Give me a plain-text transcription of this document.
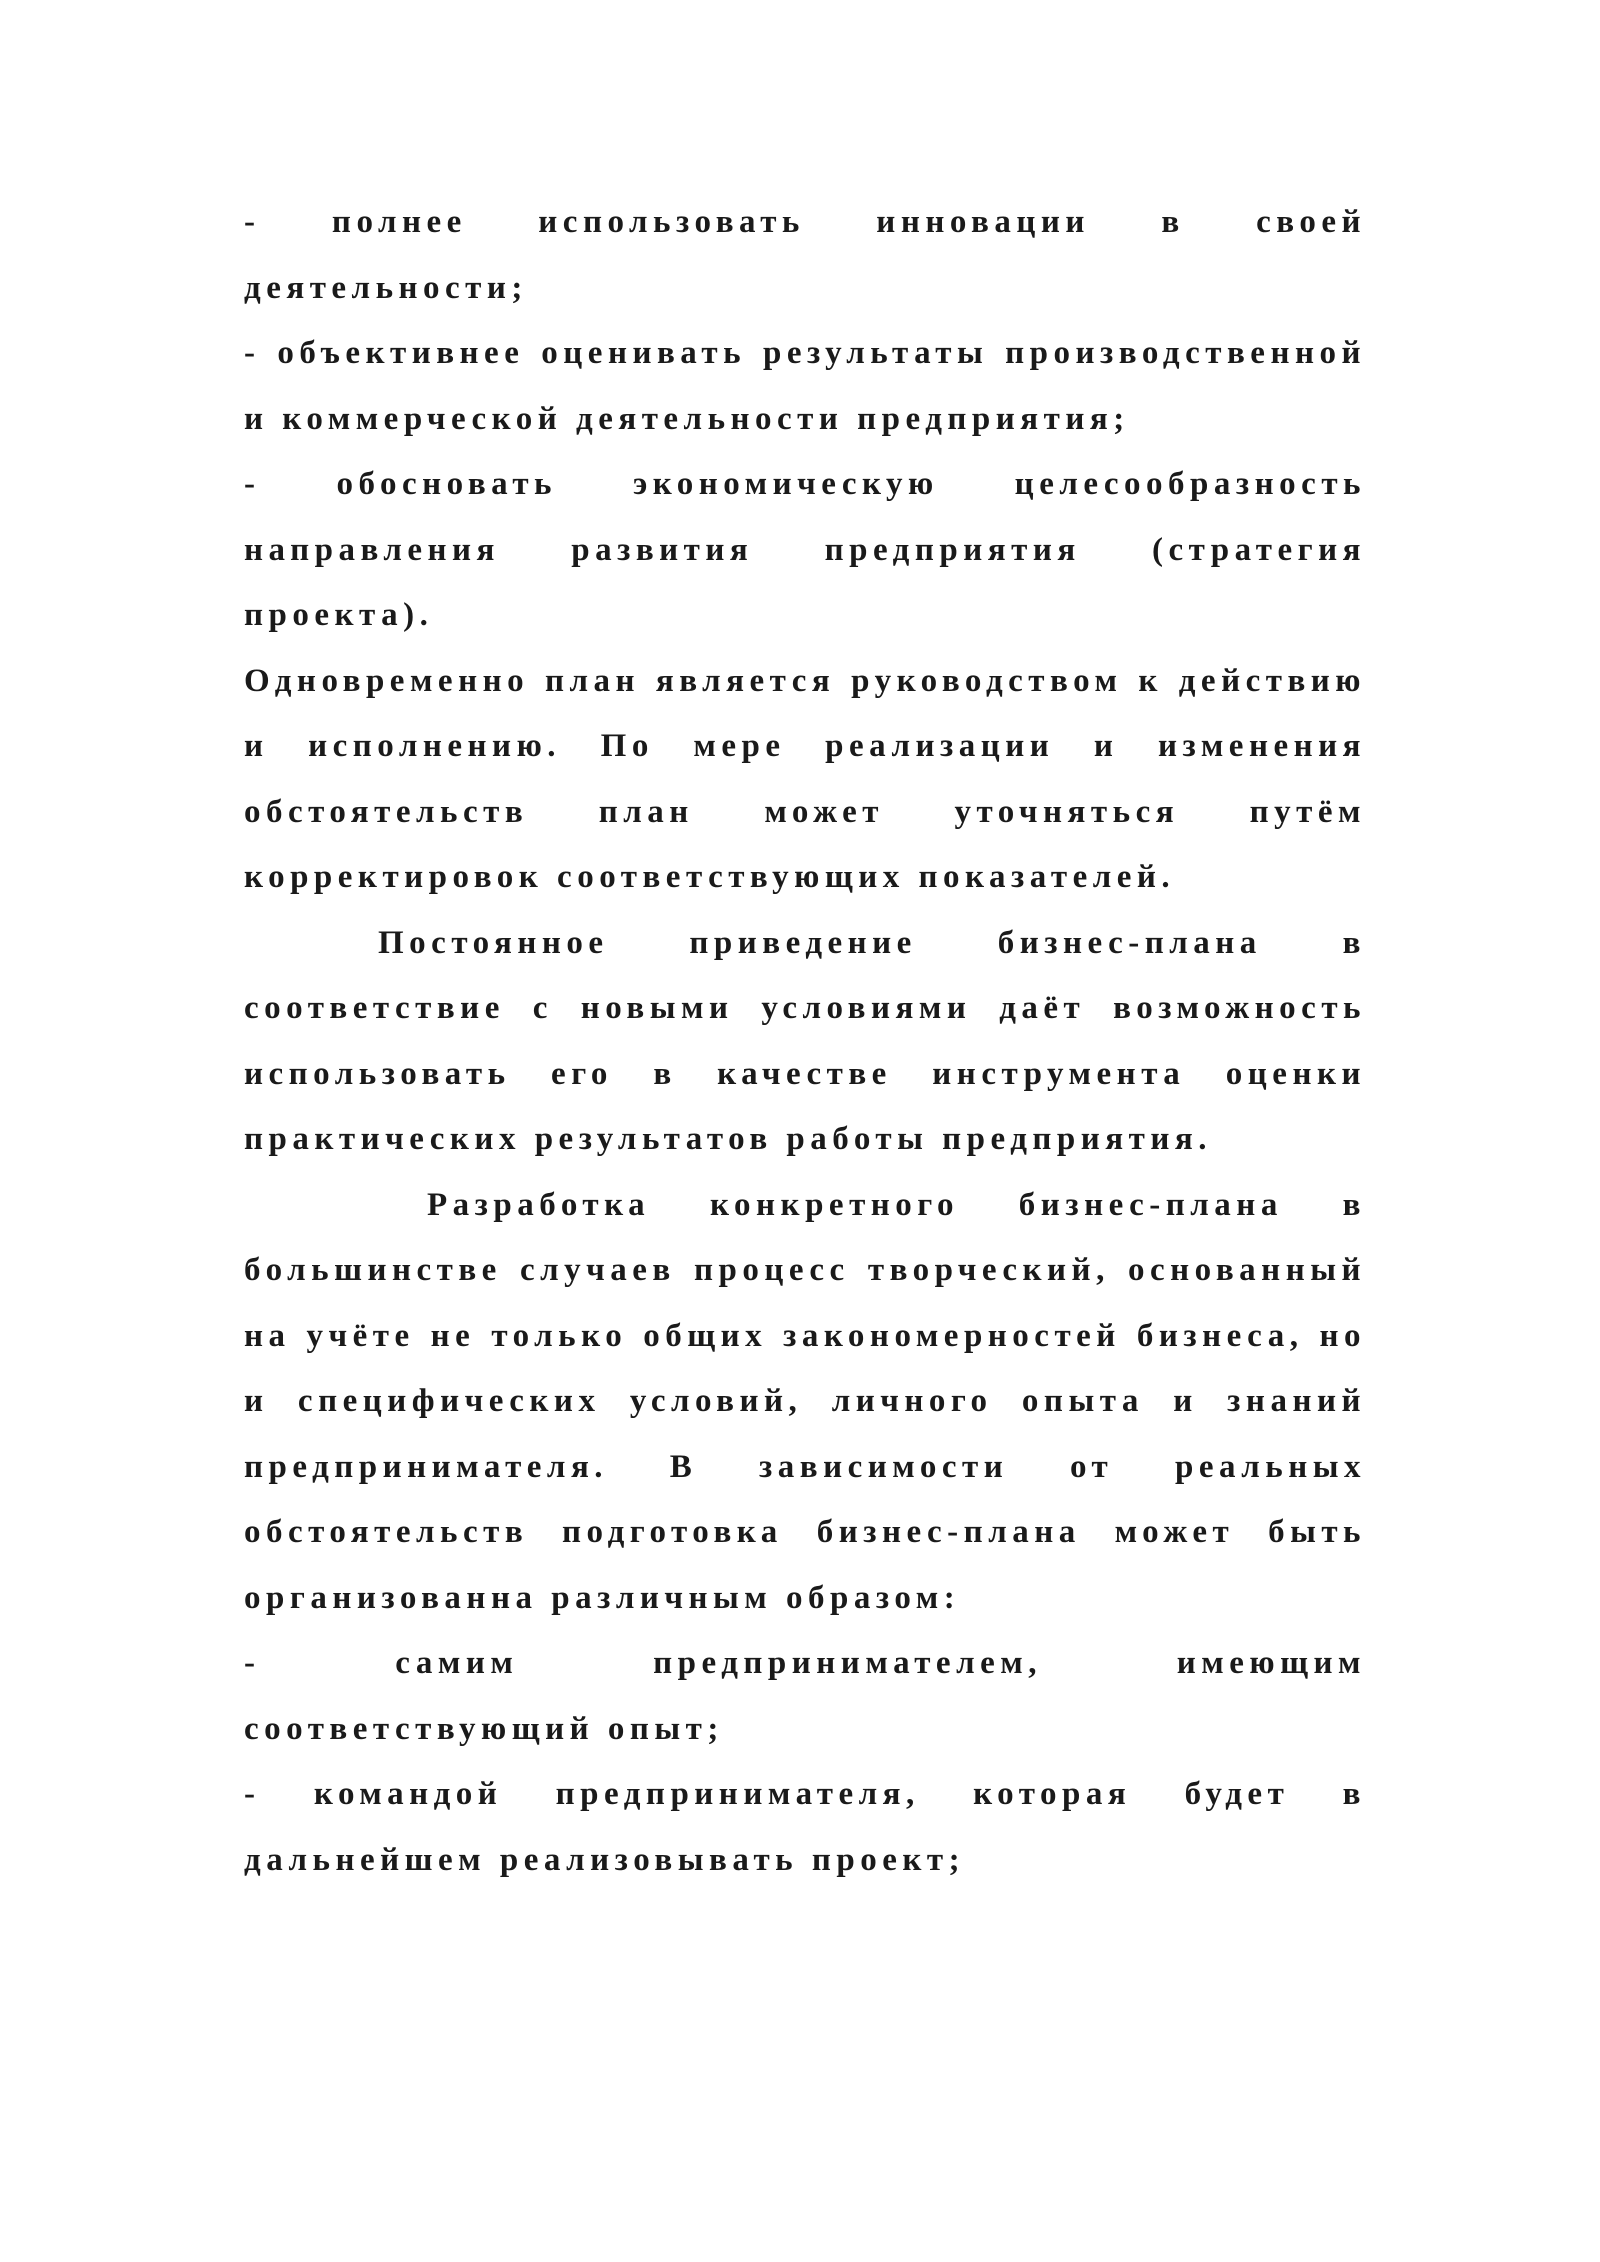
- полнее использовать инновации в своей деятельности;

- объективнее оценивать результаты производственной и коммерческой деятельности предприятия;

- обосновать экономическую целесообразность направления развития предприятия (стратегия проекта).

Одновременно план является руководством к действию и исполнению. По мере реализации и изменения обстоятельств план может уточняться путём корректировок соответствующих показателей.

Постоянное приведение бизнес-плана в соответствие с новыми условиями даёт возможность использовать его в качестве инструмента оценки практических результатов работы предприятия.

Разработка конкретного бизнес-плана в большинстве случаев процесс творческий, основанный на учёте не только общих закономерностей бизнеса, но и специфических условий, личного опыта и знаний предпринимателя. В зависимости от реальных обстоятельств подготовка бизнес-плана может быть организованна различным образом:

- самим предпринимателем, имеющим соответствующий опыт;

- командой предпринимателя, которая будет в дальнейшем реализовывать проект;
